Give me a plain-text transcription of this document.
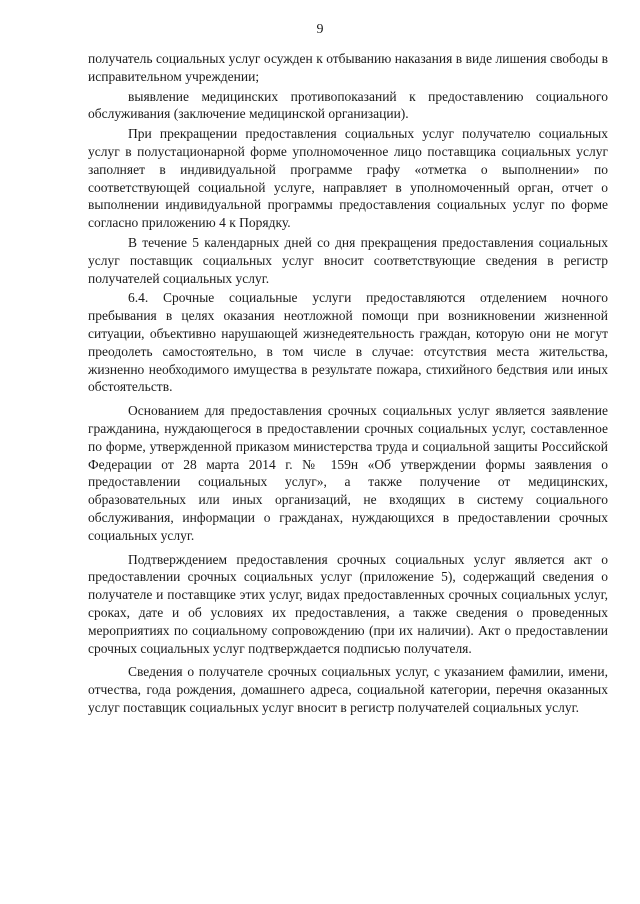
9

получатель социальных услуг осужден к отбыванию наказания в виде лишения свободы в исправительном учреждении;

выявление медицинских противопоказаний к предоставлению социального обслуживания (заключение медицинской организации).

При прекращении предоставления социальных услуг получателю социальных услуг в полустационарной форме уполномоченное лицо поставщика социальных услуг заполняет в индивидуальной программе графу «отметка о выполнении» по соответствующей социальной услуге, направляет в уполномоченный орган, отчет о выполнении индивидуальной программы предоставления социальных услуг по форме согласно приложению 4 к Порядку.

В течение 5 календарных дней со дня прекращения предоставления социальных услуг поставщик социальных услуг вносит соответствующие сведения в регистр получателей социальных услуг.

6.4. Срочные социальные услуги предоставляются отделением ночного пребывания в целях оказания неотложной помощи при возникновении жизненной ситуации, объективно нарушающей жизнедеятельность граждан, которую они не могут преодолеть самостоятельно, в том числе в случае: отсутствия места жительства, жизненно необходимого имущества в результате пожара, стихийного бедствия или иных обстоятельств.

Основанием для предоставления срочных социальных услуг является заявление гражданина, нуждающегося в предоставлении срочных социальных услуг, составленное по форме, утвержденной приказом министерства труда и социальной защиты Российской Федерации от 28 марта 2014 г. № 159н «Об утверждении формы заявления о предоставлении социальных услуг», а также получение от медицинских, образовательных или иных организаций, не входящих в систему социального обслуживания, информации о гражданах, нуждающихся в предоставлении срочных социальных услуг.

Подтверждением предоставления срочных социальных услуг является акт о предоставлении срочных социальных услуг (приложение 5), содержащий сведения о получателе и поставщике этих услуг, видах предоставленных срочных социальных услуг, сроках, дате и об условиях их предоставления, а также сведения о проведенных мероприятиях по социальному сопровождению (при их наличии). Акт о предоставлении срочных социальных услуг подтверждается подписью получателя.

Сведения о получателе срочных социальных услуг, с указанием фамилии, имени, отчества, года рождения, домашнего адреса, социальной категории, перечня оказанных услуг поставщик социальных услуг вносит в регистр получателей социальных услуг.
